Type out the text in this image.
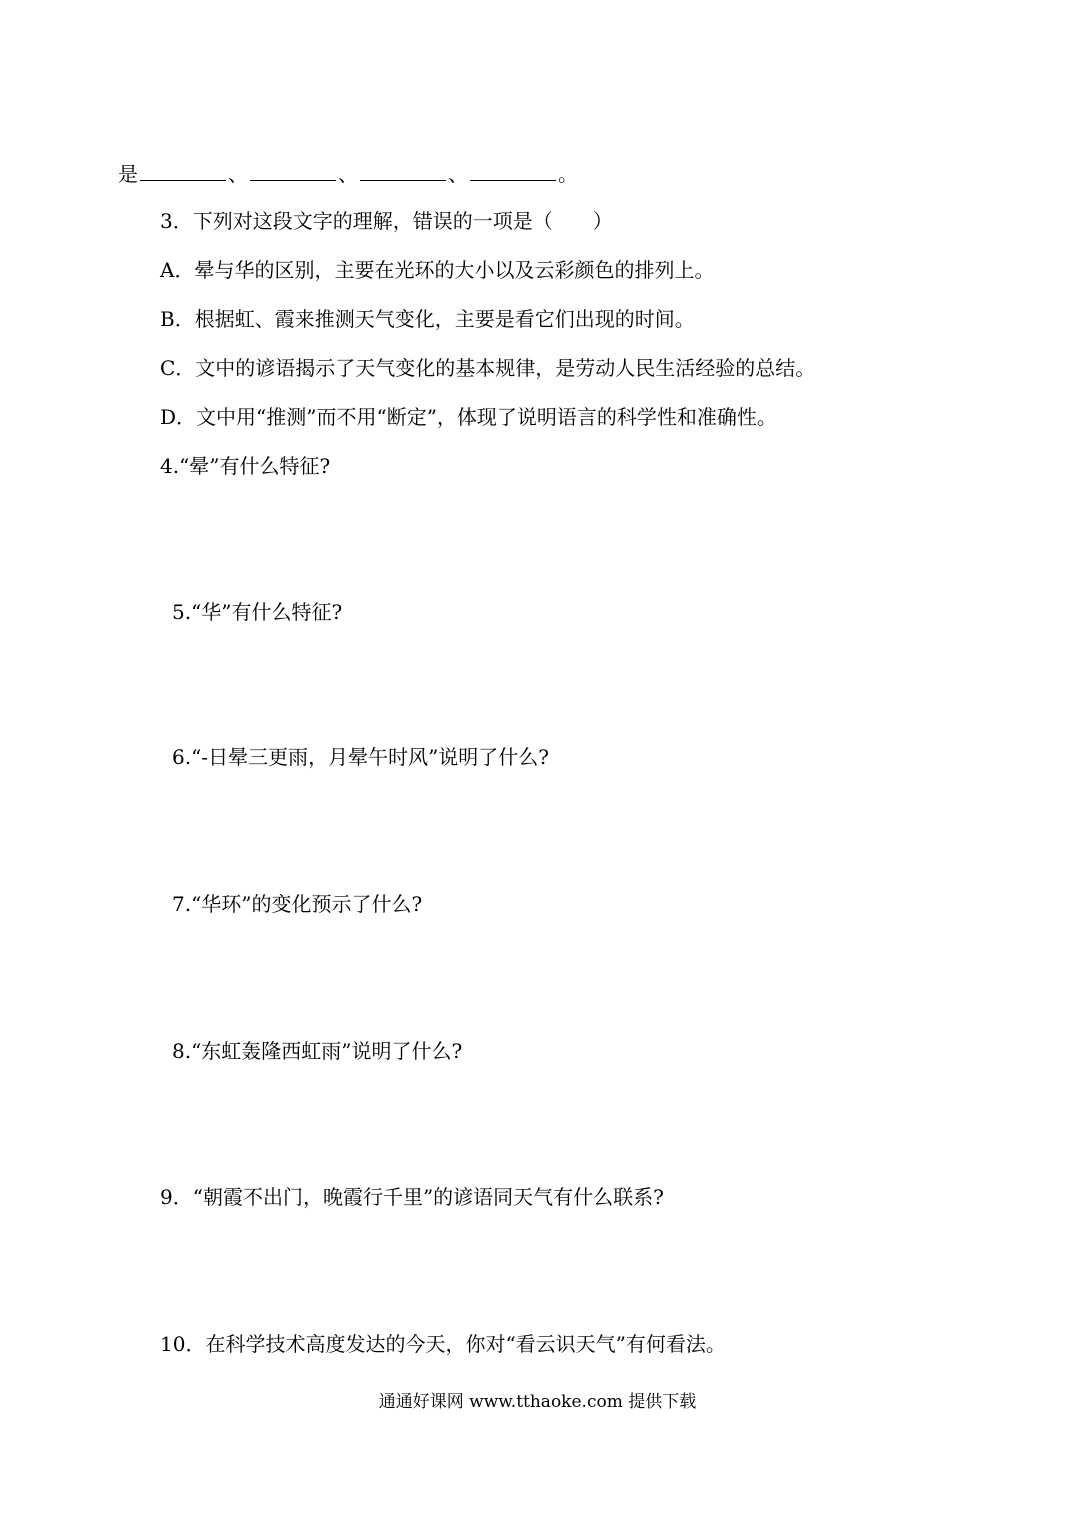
是	、	、	、	。
3．下列对这段文字的理解，错误的一项是（　　）
A．晕与华的区别，主要在光环的大小以及云彩颜色的排列上。
B．根据虹、霞来推测天气变化，主要是看它们出现的时间。
C．文中的谚语揭示了天气变化的基本规律，是劳动人民生活经验的总结。
D．文中用“推测”而不用“断定”，体现了说明语言的科学性和准确性。
4.“晕”有什么特征?
5.“华”有什么特征?
6.“-日晕三更雨，月晕午时风”说明了什么?
7.“华环”的变化预示了什么?
8.“东虹轰隆西虹雨”说明了什么?
9．“朝霞不出门，晚霞行千里”的谚语同天气有什么联系?
10．在科学技术高度发达的今天，你对“看云识天气”有何看法。
通通好课网 www.tthaoke.com 提供下载
